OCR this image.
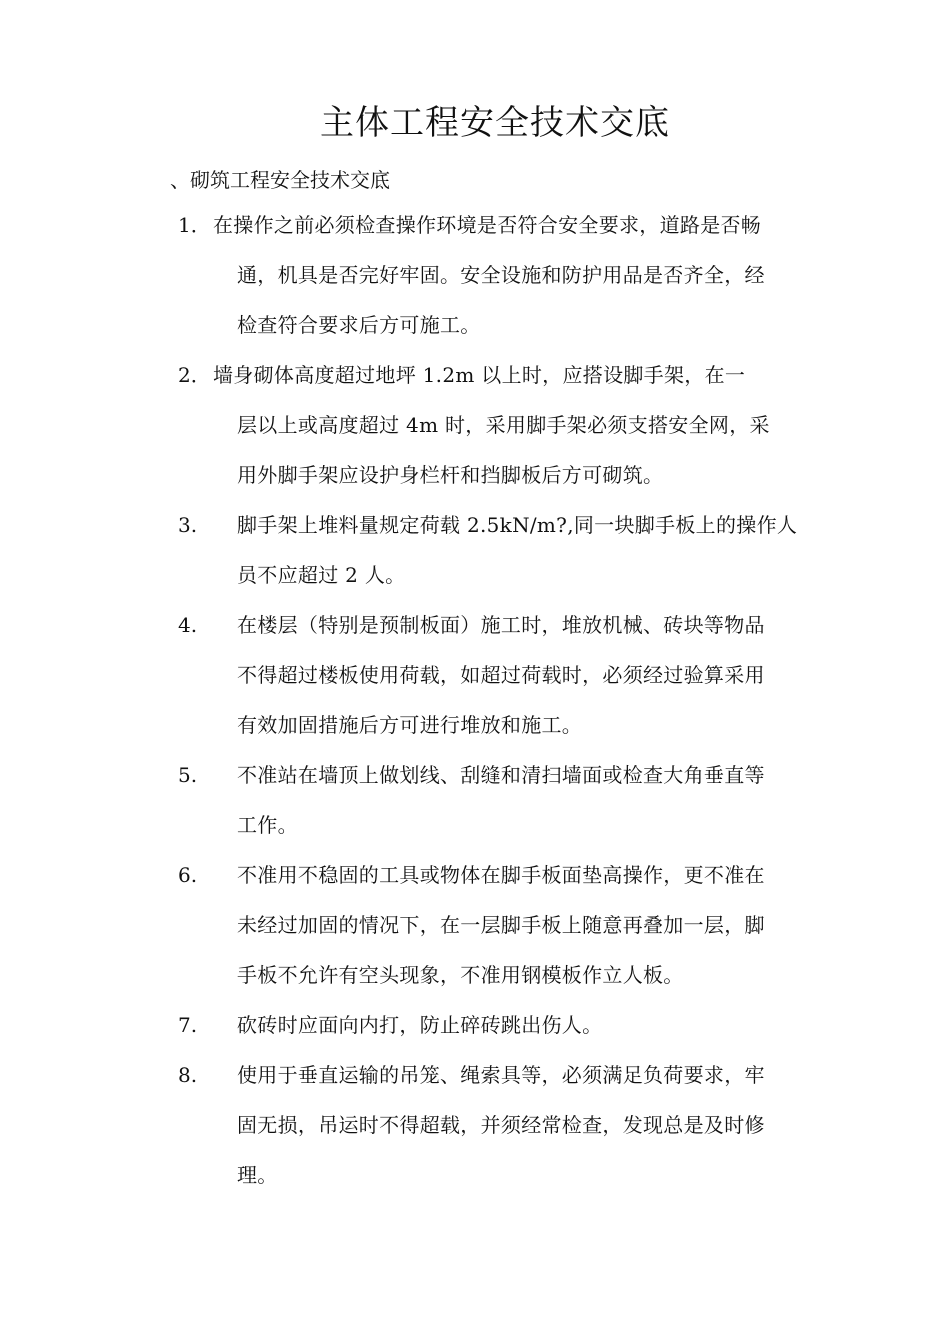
主体工程安全技术交底
、砌筑工程安全技术交底
1． 在操作之前必须检查操作环境是否符合安全要求，道路是否畅
通，机具是否完好牢固。安全设施和防护用品是否齐全，经
检查符合要求后方可施工。
2． 墙身砌体高度超过地坪 1.2m 以上时，应搭设脚手架，在一
层以上或高度超过 4m 时，采用脚手架必须支搭安全网，采
用外脚手架应设护身栏杆和挡脚板后方可砌筑。
3. 脚手架上堆料量规定荷载 2.5kN/m?,同一块脚手板上的操作人
员不应超过 2 人。
4. 在楼层（特别是预制板面）施工时，堆放机械、砖块等物品
不得超过楼板使用荷载，如超过荷载时，必须经过验算采用
有效加固措施后方可进行堆放和施工。
5. 不准站在墙顶上做划线、刮缝和清扫墙面或检查大角垂直等
工作。
6. 不准用不稳固的工具或物体在脚手板面垫高操作，更不准在
未经过加固的情况下，在一层脚手板上随意再叠加一层，脚
手板不允许有空头现象，不准用钢模板作立人板。
7. 砍砖时应面向内打，防止碎砖跳出伤人。
8. 使用于垂直运输的吊笼、绳索具等，必须满足负荷要求，牢
固无损，吊运时不得超载，并须经常检查，发现总是及时修
理。
